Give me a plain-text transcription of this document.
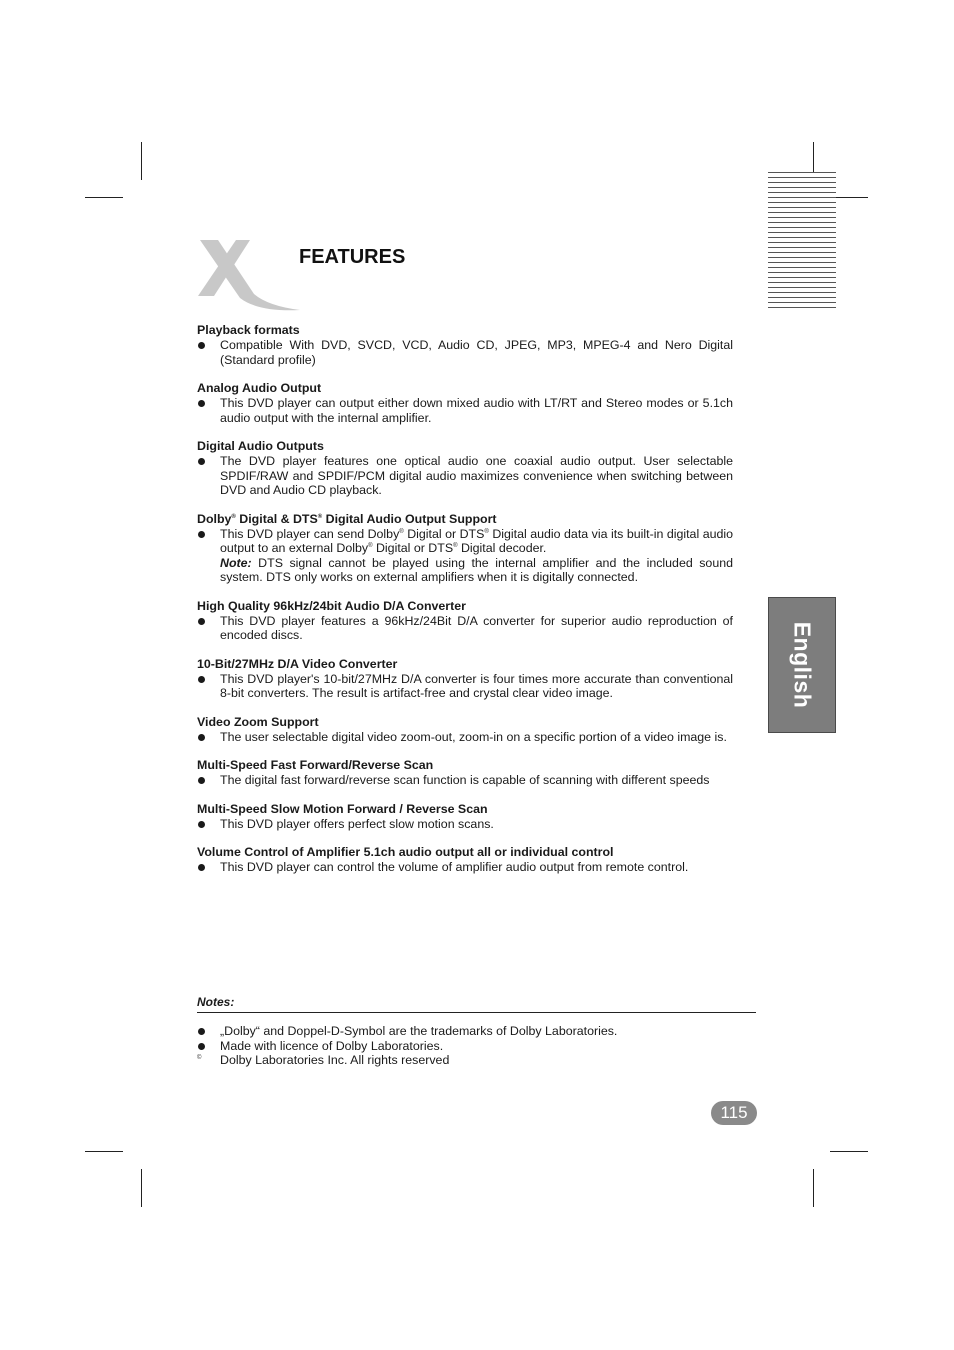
English
FEATURES
Playback formats
Compatible With DVD, SVCD, VCD, Audio CD, JPEG, MP3, MPEG-4 and Nero Digital (Standard profile)
Analog Audio Output
This DVD player can output either down mixed audio with LT/RT and Stereo modes or 5.1ch audio output with the internal amplifier.
Digital Audio Outputs
The DVD player features one optical audio one coaxial audio output. User selectable SPDIF/RAW and SPDIF/PCM digital audio maximizes convenience when switching between DVD and Audio CD playback.
Dolby® Digital & DTS® Digital Audio Output Support
This DVD player can send Dolby® Digital or DTS® Digital audio data via its built-in digital audio output to an external Dolby® Digital or DTS® Digital decoder.
Note: DTS signal cannot be played using the internal amplifier and the included sound system. DTS only works on external amplifiers when it is digitally connected.
High Quality 96kHz/24bit Audio D/A Converter
This DVD player features a 96kHz/24Bit D/A converter for superior audio reproduction of encoded discs.
10-Bit/27MHz D/A Video Converter
This DVD player's 10-bit/27MHz D/A converter is four times more accurate than conventional 8-bit converters. The result is artifact-free and crystal clear video image.
Video Zoom Support
The user selectable digital video zoom-out, zoom-in on a specific portion of a video image is.
Multi-Speed Fast Forward/Reverse Scan
The digital fast forward/reverse scan function is capable of scanning with different speeds
Multi-Speed Slow Motion Forward / Reverse Scan
This DVD player offers perfect slow motion scans.
Volume Control of Amplifier 5.1ch audio output all or individual control
This DVD player can control the volume of amplifier audio output from remote control.
Notes:
„Dolby“ and Doppel-D-Symbol are the trademarks of Dolby Laboratories.
Made with licence of Dolby Laboratories.
© Dolby Laboratories Inc. All rights reserved
115
